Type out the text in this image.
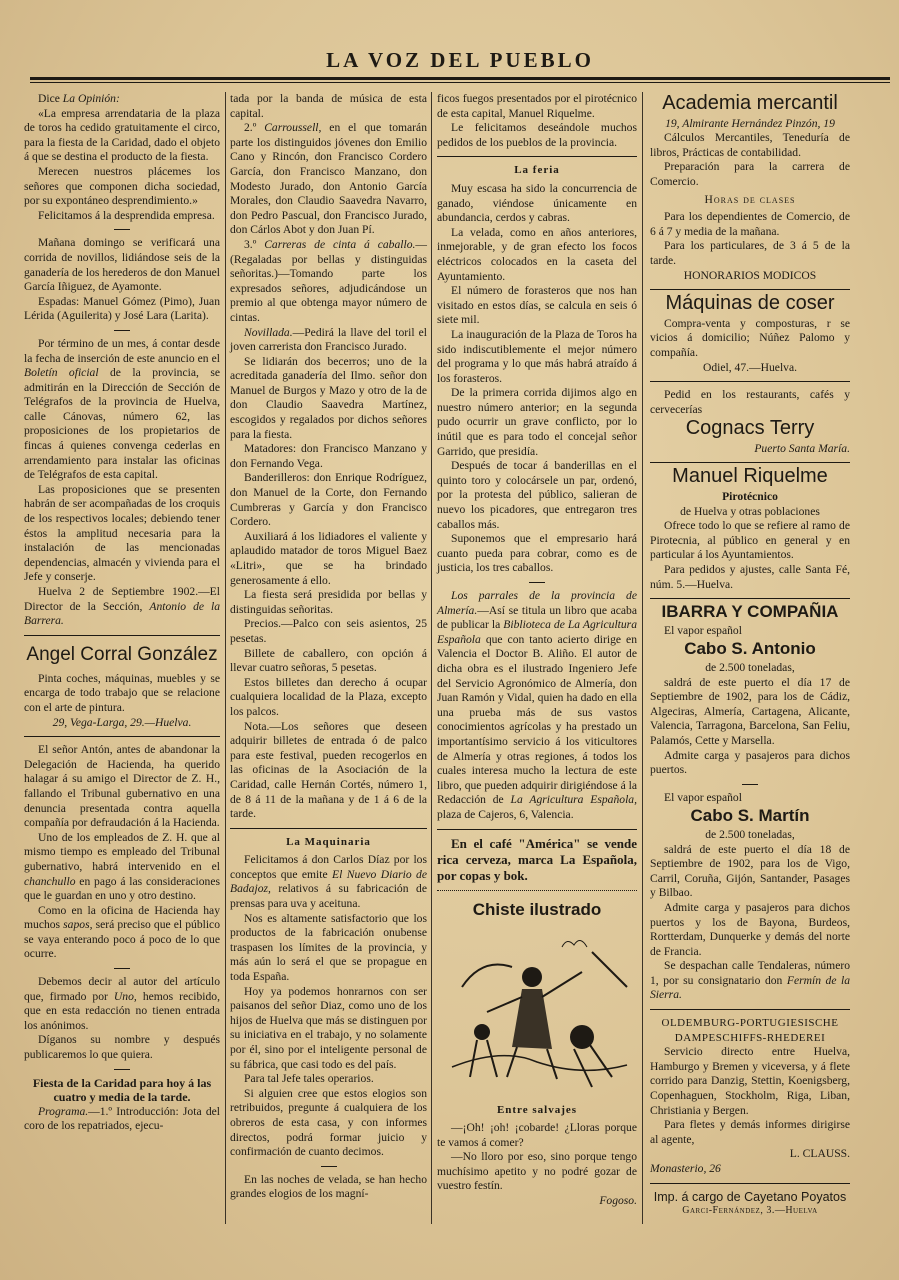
LA VOZ DEL PUEBLO

Dice La Opinión:

«La empresa arrendataria de la plaza de toros ha cedido gratuitamente el circo, para la fiesta de la Caridad, dado el objeto á que se destina el producto de la fiesta.

Merecen nuestros plácemes los señores que componen dicha sociedad, por su expontáneo desprendimiento.»

Felicitamos á la desprendida empresa.

Mañana domingo se verificará una corrida de novillos, lidiándose seis de la ganadería de los herederos de don Manuel García Iñiguez, de Ayamonte.

Espadas: Manuel Gómez (Pimo), Juan Lérida (Aguilerita) y José Lara (Larita).

Por término de un mes, á contar desde la fecha de inserción de este anuncio en el Boletín oficial de la provincia, se admitirán en la Dirección de Sección de Telégrafos de la provincia de Huelva, calle Cánovas, número 62, las proposiciones de los propietarios de fincas á quienes convenga cederlas en arrendamiento para instalar las oficinas de Telégrafos de esta capital.

Las proposiciones que se presenten habrán de ser acompañadas de los croquis de los respectivos locales; debiendo tener éstos la amplitud necesaria para la instalación de las mencionadas dependencias, almacén y vivienda para el Jefe y conserje.

Huelva 2 de Septiembre 1902.—El Director de la Sección, Antonio de la Barrera.

Angel Corral González

Pinta coches, máquinas, muebles y se encarga de todo trabajo que se relacione con el arte de pintura.

29, Vega-Larga, 29.—Huelva.

El señor Antón, antes de abandonar la Delegación de Hacienda, ha querido halagar á su amigo el Director de Z. H., fallando el Tribunal gubernativo en una denuncia presentada contra aquella compañía por defraudación á la Hacienda.

Uno de los empleados de Z. H. que al mismo tiempo es empleado del Tribunal gubernativo, habrá intervenido en el chanchullo en pago á las consideraciones que le guardan en uno y otro destino.

Como en la oficina de Hacienda hay muchos sapos, será preciso que el público se vaya enterando poco á poco de lo que ocurre.

Debemos decir al autor del artículo que, firmado por Uno, hemos recibido, que en esta redacción no tienen entrada los anónimos.

Díganos su nombre y después publicaremos lo que quiera.

Fiesta de la Caridad para hoy á las cuatro y media de la tarde.

Programa.—1.º Introducción: Jota del coro de los repatriados, ejecu-

tada por la banda de música de esta capital.

2.º Carroussell, en el que tomarán parte los distinguidos jóvenes don Emilio Cano y Rincón, don Francisco Cordero García, don Francisco Manzano, don Modesto Jurado, don Antonio García Morales, don Claudio Saavedra Navarro, don Pedro Pascual, don Francisco Jurado, don Cárlos Abot y don Juan Pí.

3.º Carreras de cinta á caballo.—(Regaladas por bellas y distinguidas señoritas.)—Tomando parte los expresados señores, adjudicándose un premio al que obtenga mayor número de cintas.

Novillada.—Pedirá la llave del toril el joven carrerista don Francisco Jurado.

Se lidiarán dos becerros; uno de la acreditada ganadería del Ilmo. señor don Manuel de Burgos y Mazo y otro de la de don Claudio Saavedra Martínez, escogidos y regalados por dichos señores para la fiesta.

Matadores: don Francisco Manzano y don Fernando Vega.

Banderilleros: don Enrique Rodríguez, don Manuel de la Corte, don Fernando Cumbreras y García y don Francisco Cordero.

Auxiliará á los lidiadores el valiente y aplaudido matador de toros Miguel Baez «Litri», que se ha brindado generosamente á ello.

La fiesta será presidida por bellas y distinguidas señoritas.

Precios.—Palco con seis asientos, 25 pesetas.

Billete de caballero, con opción á llevar cuatro señoras, 5 pesetas.

Estos billetes dan derecho á ocupar cualquiera localidad de la Plaza, excepto los palcos.

Nota.—Los señores que deseen adquirir billetes de entrada ó de palco para este festival, pueden recogerlos en las oficinas de la Asociación de la Caridad, calle Hernán Cortés, número 1, de 8 á 11 de la mañana y de 1 á 6 de la tarde.

La Maquinaria

Felicitamos á don Carlos Díaz por los conceptos que emite El Nuevo Diario de Badajoz, relativos á su fabricación de prensas para uva y aceituna.

Nos es altamente satisfactorio que los productos de la fabricación onubense traspasen los límites de la provincia, y más aún lo será el que se propague en toda España.

Hoy ya podemos honrarnos con ser paisanos del señor Diaz, como uno de los hijos de Huelva que más se distinguen por su iniciativa en el trabajo, y no solamente por él, sino por el inteligente personal de su fábrica, que casi todo es del país.

Para tal Jefe tales operarios.

Si alguien cree que estos elogios son retribuidos, pregunte á cualquiera de los obreros de esta casa, y con informes directos, podrá formar juicio y confirmación de cuanto decimos.

En las noches de velada, se han hecho grandes elogios de los magní-

ficos fuegos presentados por el pirotécnico de esta capital, Manuel Riquelme.

Le felicitamos deseándole muchos pedidos de los pueblos de la provincia.

La feria

Muy escasa ha sido la concurrencia de ganado, viéndose únicamente en abundancia, cerdos y cabras.

La velada, como en años anteriores, inmejorable, y de gran efecto los focos eléctricos colocados en la caseta del Ayuntamiento.

El número de forasteros que nos han visitado en estos días, se calcula en seis ó siete mil.

La inauguración de la Plaza de Toros ha sido indiscutiblemente el mejor número del programa y lo que más habrá atraído á los forasteros.

De la primera corrida dijimos algo en nuestro número anterior; en la segunda pudo ocurrir un grave conflicto, por lo inútil que es para todo el concejal señor Garrido, que presidía.

Después de tocar á banderillas en el quinto toro y colocársele un par, ordenó, por la protesta del público, salieran de nuevo los picadores, que entregaron tres caballos más.

Suponemos que el empresario hará cuanto pueda para cobrar, como es de justicia, los tres caballos.

Los parrales de la provincia de Almería.—Así se titula un libro que acaba de publicar la Biblioteca de La Agricultura Española que con tanto acierto dirige en Valencia el Doctor B. Aliño. El autor de dicha obra es el ilustrado Ingeniero Jefe del Servicio Agronómico de Almería, don Juan Ramón y Vidal, quien ha dado en ella una prueba más de sus vastos conocimientos agrícolas y ha prestado un importantísimo servicio á los viticultores de Almería y otras regiones, á todos los cuales interesa mucho la lectura de este libro, que pueden adquirir dirigiéndose á la Redacción de La Agricultura Española, plaza de Cajeros, 6, Valencia.

En el café "América" se vende rica cerveza, marca La Española, por copas y bok.

Chiste ilustrado
Entre salvajes

—¡Oh! ¡oh! ¡cobarde! ¿Lloras porque te vamos á comer?

—No lloro por eso, sino porque tengo muchísimo apetito y no podré gozar de vuestro festín.

Fogoso.

Academia mercantil

19, Almirante Hernández Pinzón, 19

Cálculos Mercantiles, Teneduría de libros, Prácticas de contabilidad.

Preparación para la carrera de Comercio.

Horas de clases

Para los dependientes de Comercio, de 6 á 7 y media de la mañana.

Para los particulares, de 3 á 5 de la tarde.

HONORARIOS MODICOS

Máquinas de coser

Compra-venta y composturas, r se vicios á domicilio; Núñez Palomo y compañía.

Odiel, 47.—Huelva.

Pedid en los restaurants, cafés y cervecerías

Cognacs Terry

Puerto Santa María.

Manuel Riquelme

Pirotécnico

de Huelva y otras poblaciones

Ofrece todo lo que se refiere al ramo de Pirotecnia, al público en general y en particular á los Ayuntamientos.

Para pedidos y ajustes, calle Santa Fé, núm. 5.—Huelva.

IBARRA Y COMPAÑIA

El vapor español

Cabo S. Antonio

de 2.500 toneladas,

saldrá de este puerto el día 17 de Septiembre de 1902, para los de Cádiz, Algeciras, Almería, Cartagena, Alicante, Valencia, Tarragona, Barcelona, San Feliu, Palamós, Cette y Marsella.

Admite carga y pasajeros para dichos puertos.

El vapor español

Cabo S. Martín

de 2.500 toneladas,

saldrá de este puerto el día 18 de Septiembre de 1902, para los de Vigo, Carril, Coruña, Gijón, Santander, Pasages y Bilbao.

Admite carga y pasajeros para dichos puertos y los de Bayona, Burdeos, Rortterdam, Dunquerke y demás del norte de Francia.

Se despachan calle Tendaleras, número 1, por su consignatario don Fermín de la Sierra.

OLDEMBURG-PORTUGIESISCHE

DAMPESCHIFFS-RHEDEREI

Servicio directo entre Huelva, Hamburgo y Bremen y viceversa, y á flete corrido para Danzig, Stettin, Koenigsberg, Copenhaguen, Stockholm, Riga, Liban, Christiania y Bergen.

Para fletes y demás informes dirigirse al agente,

L. CLAUSS.

Monasterio, 26

Imp. á cargo de Cayetano Poyatos

Garci-Fernández, 3.—Huelva
